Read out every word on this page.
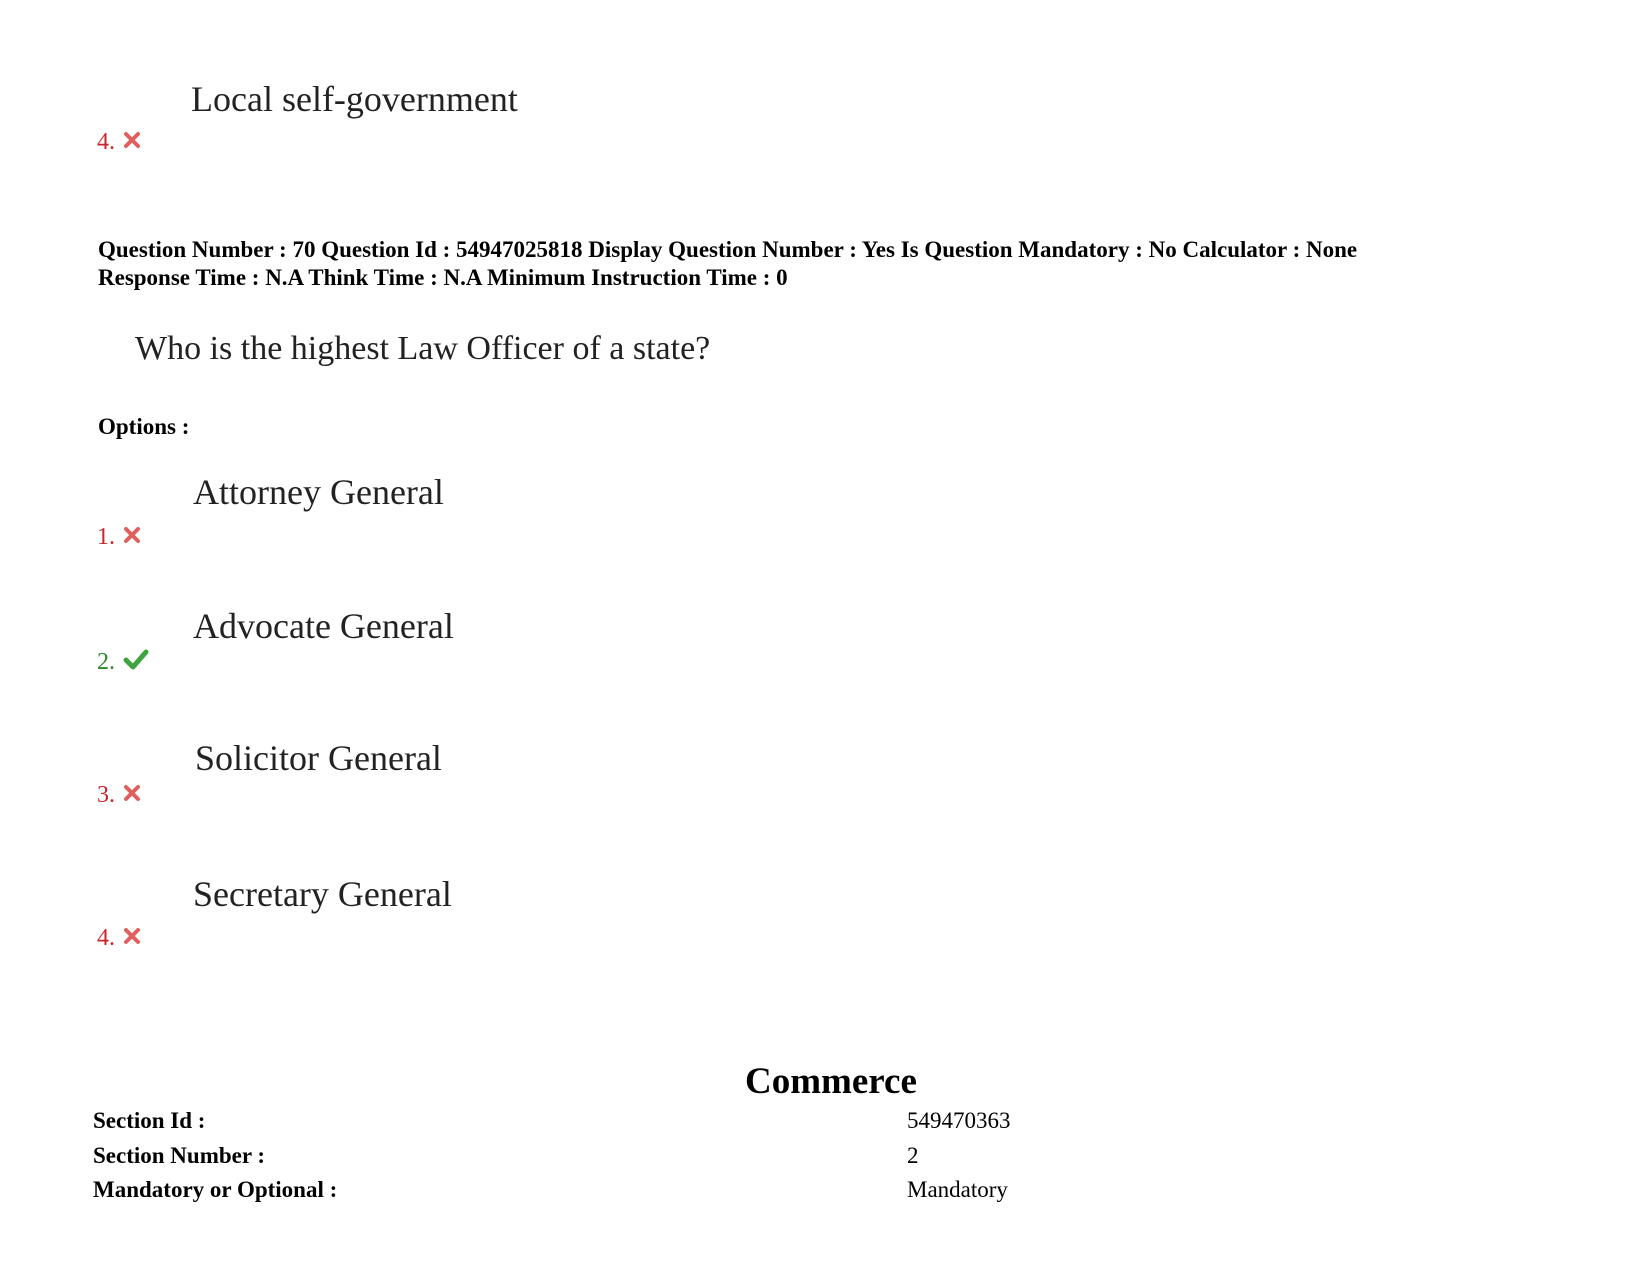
Local self-government
4.
Question Number : 70 Question Id : 54947025818 Display Question Number : Yes Is Question Mandatory : No Calculator : None
Response Time : N.A Think Time : N.A Minimum Instruction Time : 0
Who is the highest Law Officer of a state?
Options :
Attorney General
1.
Advocate General
2.
Solicitor General
3.
Secretary General
4.
Commerce
Section Id :	549470363
Section Number :	2
Mandatory or Optional :	Mandatory
